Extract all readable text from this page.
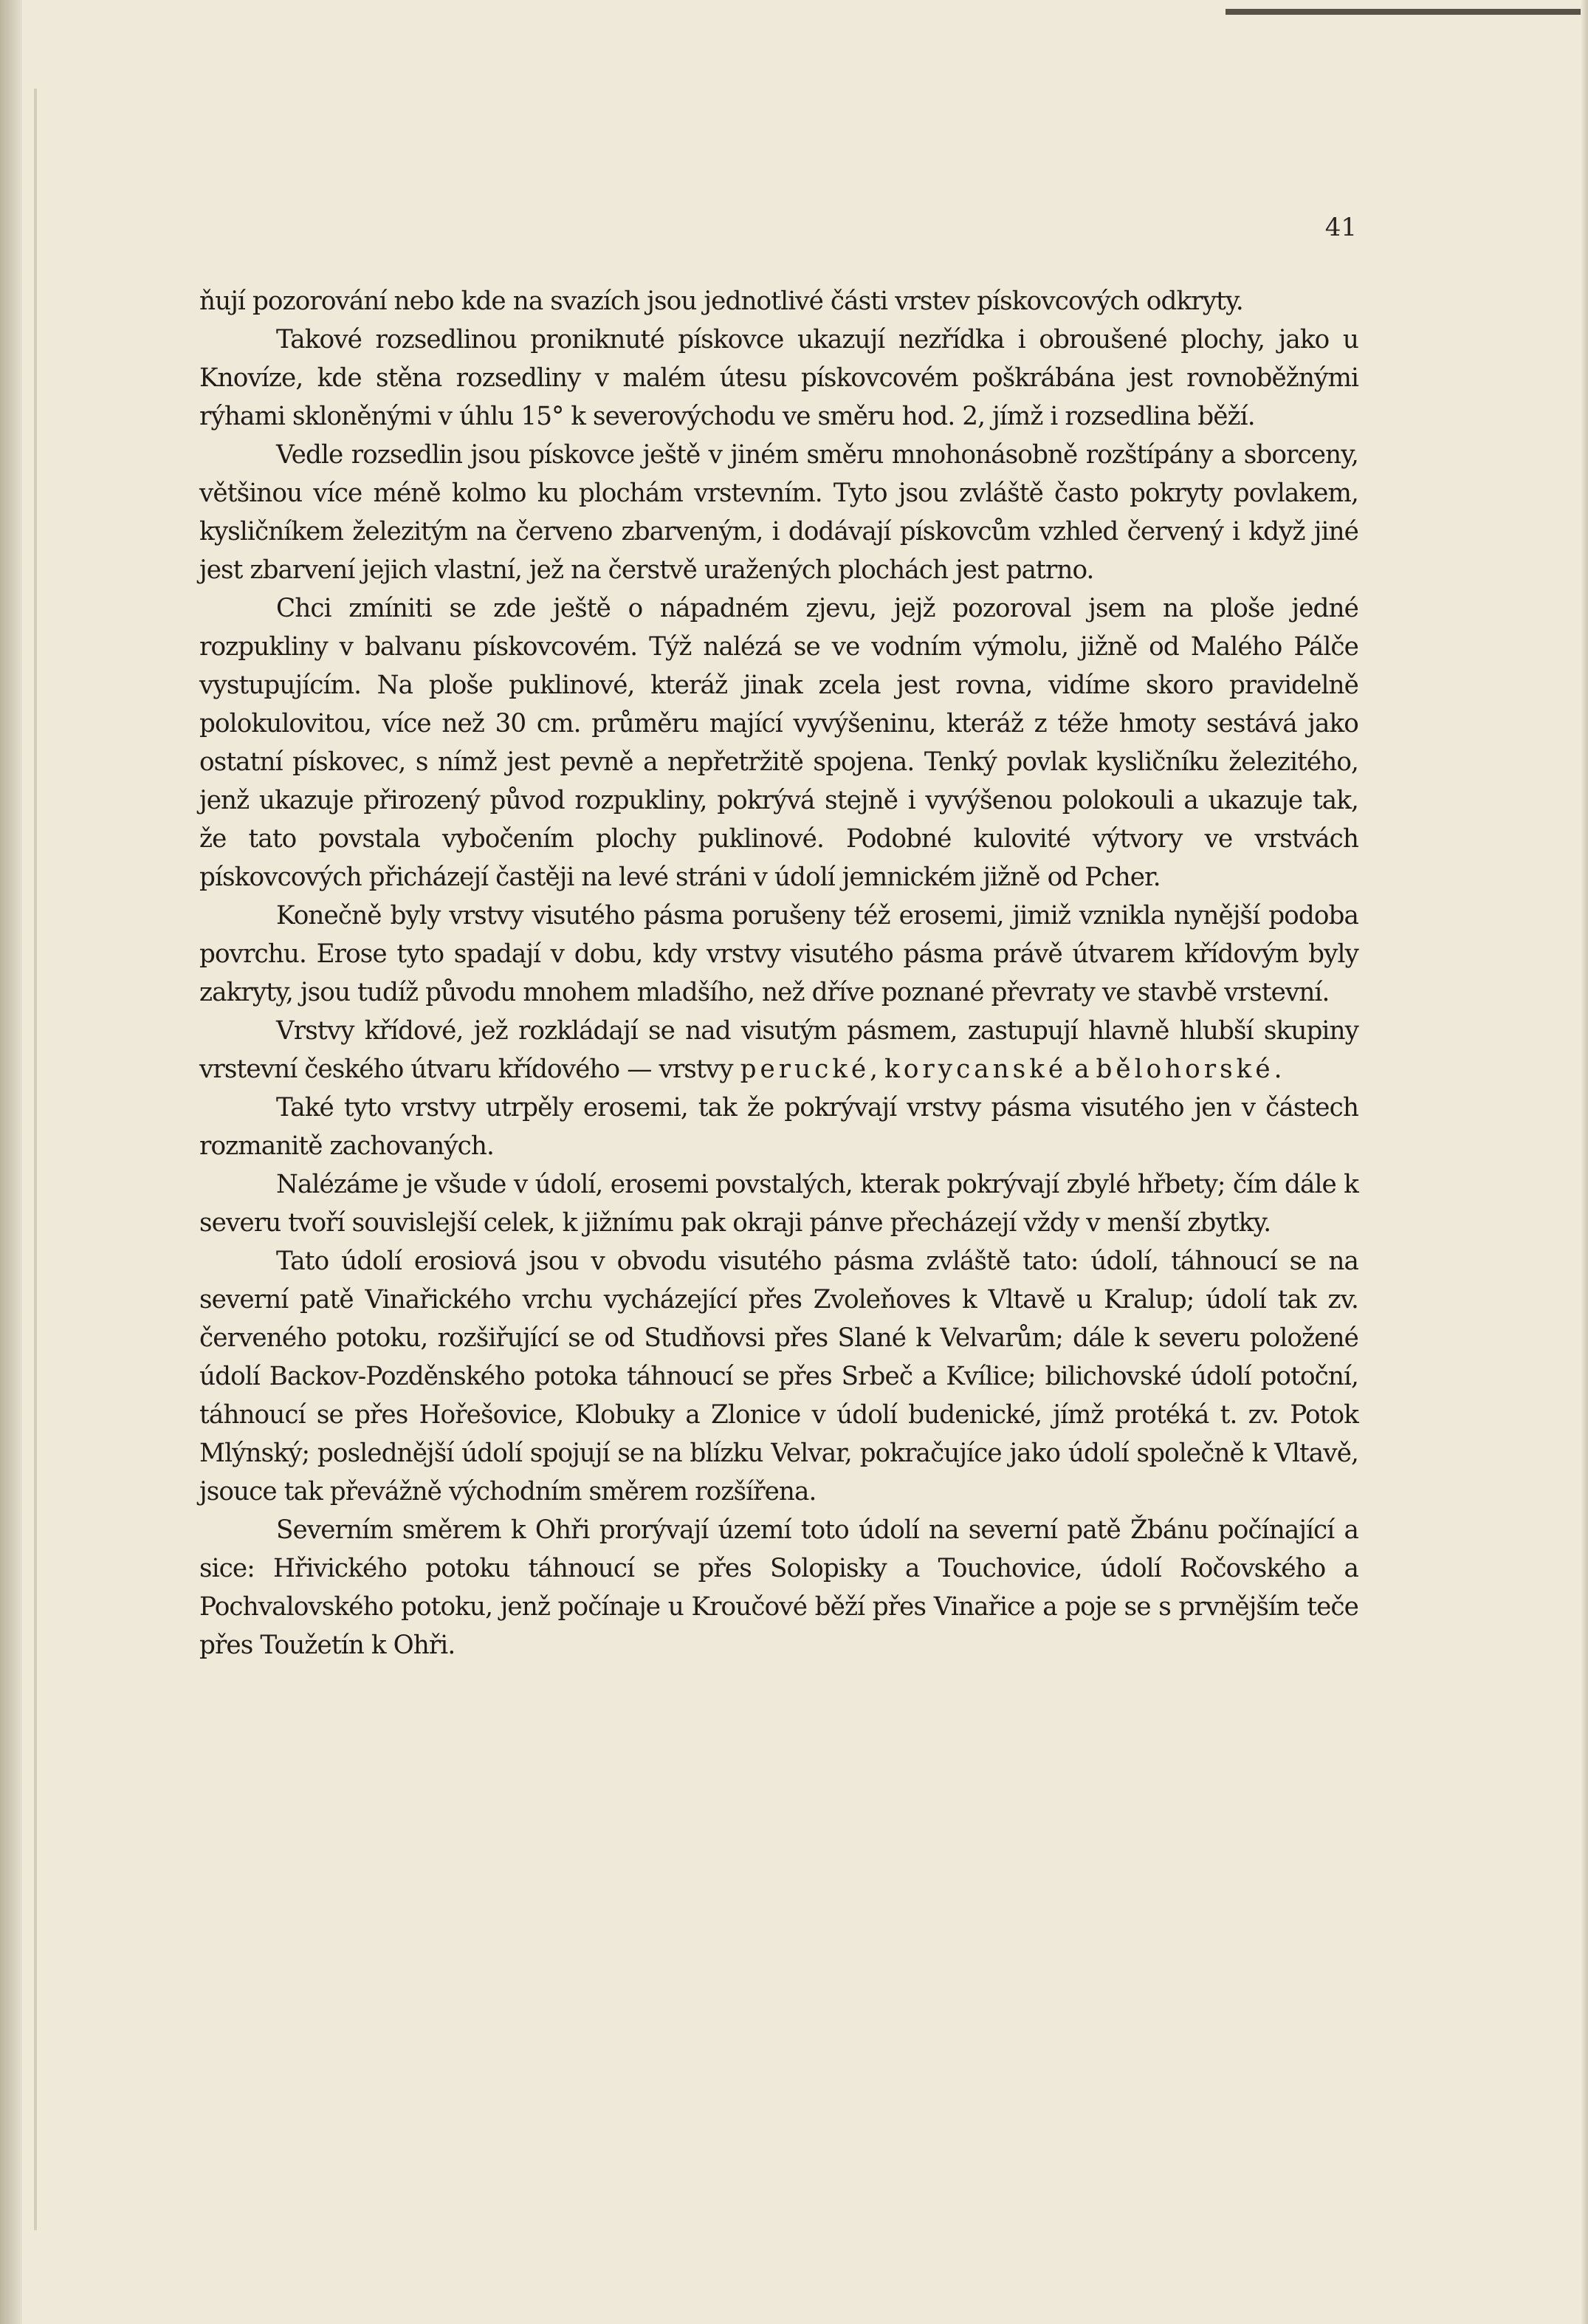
41

ňují pozorování nebo kde na svazích jsou jednotlivé části vrstev pískovcových odkryty.

Takové rozsedlinou proniknuté pískovce ukazují nezřídka i obroušené plochy, jako u Knovíze, kde stěna rozsedliny v malém útesu pískovcovém poškrábána jest rovnoběžnými rýhami skloněnými v úhlu 15° k severovýchodu ve směru hod. 2, jímž i rozsedlina běží.

Vedle rozsedlin jsou pískovce ještě v jiném směru mnohonásobně rozštípány a sborceny, většinou více méně kolmo ku plochám vrstevním. Tyto jsou zvláště často pokryty povlakem, kysličníkem železitým na červeno zbarveným, i dodávají pískovcům vzhled červený i když jiné jest zbarvení jejich vlastní, jež na čerstvě uražených plochách jest patrno.

Chci zmíniti se zde ještě o nápadném zjevu, jejž pozoroval jsem na ploše jedné rozpukliny v balvanu pískovcovém. Týž nalézá se ve vodním výmolu, jižně od Malého Pálče vystupujícím. Na ploše puklinové, kteráž jinak zcela jest rovna, vidíme skoro pravidelně polokulovitou, více než 30 cm. průměru mající vyvýšeninu, kteráž z téže hmoty sestává jako ostatní pískovec, s nímž jest pevně a nepřetržitě spojena. Tenký povlak kysličníku železitého, jenž ukazuje přirozený původ rozpukliny, pokrývá stejně i vyvýšenou polokouli a ukazuje tak, že tato povstala vybočením plochy puklinové. Podobné kulovité výtvory ve vrstvách pískovcových přicházejí častěji na levé stráni v údolí jemnickém jižně od Pcher.

Konečně byly vrstvy visutého pásma porušeny též erosemi, jimiž vznikla nynější podoba povrchu. Erose tyto spadají v dobu, kdy vrstvy visutého pásma právě útvarem křídovým byly zakryty, jsou tudíž původu mnohem mladšího, než dříve poznané převraty ve stavbě vrstevní.

Vrstvy křídové, jež rozkládají se nad visutým pásmem, zastupují hlavně hlubší skupiny vrstevní českého útvaru křídového — vrstvy perucké, korycanské a bělohorské.

Také tyto vrstvy utrpěly erosemi, tak že pokrývají vrstvy pásma visutého jen v částech rozmanitě zachovaných.

Nalézáme je všude v údolí, erosemi povstalých, kterak pokrývají zbylé hřbety; čím dále k severu tvoří souvislejší celek, k jižnímu pak okraji pánve přecházejí vždy v menší zbytky.

Tato údolí erosiová jsou v obvodu visutého pásma zvláště tato: údolí, táhnoucí se na severní patě Vinařického vrchu vycházející přes Zvoleňoves k Vltavě u Kralup; údolí tak zv. červeného potoku, rozšiřující se od Studňovsi přes Slané k Velvarům; dále k severu položené údolí Backov-Pozděnského potoka táhnoucí se přes Srbeč a Kvílice; bilichovské údolí potoční, táhnoucí se přes Hořešovice, Klobuky a Zlonice v údolí budenické, jímž protéká t. zv. Potok Mlýnský; poslednější údolí spojují se na blízku Velvar, pokračujíce jako údolí společně k Vltavě, jsouce tak převážně východním směrem rozšířena.

Severním směrem k Ohři prorývají území toto údolí na severní patě Žbánu počínající a sice: Hřivického potoku táhnoucí se přes Solopisky a Touchovice, údolí Ročovského a Pochvalovského potoku, jenž počínaje u Kroučové běží přes Vinařice a poje se s prvnějším teče přes Toužetín k Ohři.
